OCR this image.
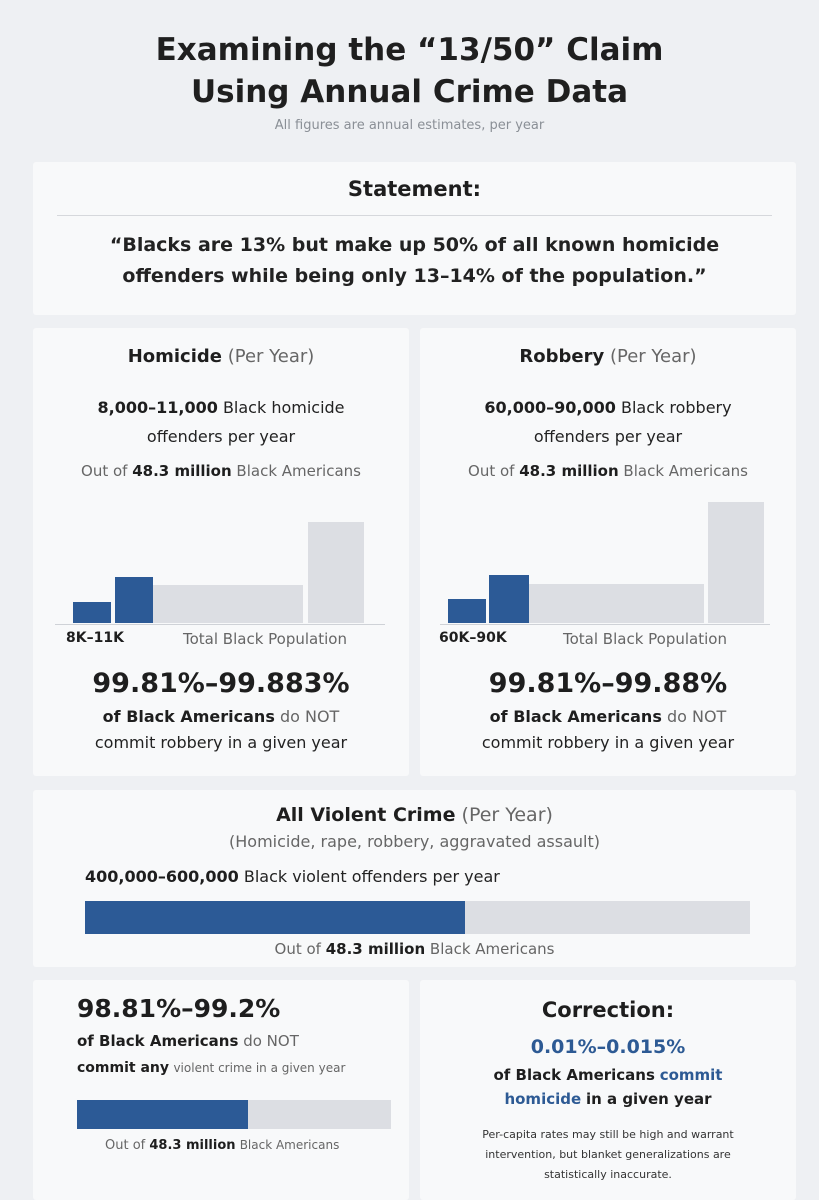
Examining the “13/50” Claim
Using Annual Crime Data
All figures are annual estimates, per year
Statement:
“Blacks are 13% but make up 50% of all known homicide
offenders while being only 13–14% of the population.”
Homicide (Per Year)
8,000–11,000 Black homicide
offenders per year
Out of 48.3 million Black Americans
8K–11K	Total Black Population
99.81%–99.883%
of Black Americans do NOT
commit robbery in a given year
Robbery (Per Year)
60,000–90,000 Black robbery
offenders per year
Out of 48.3 million Black Americans
60K–90K	Total Black Population
99.81%–99.88%
of Black Americans do NOT
commit robbery in a given year
All Violent Crime (Per Year)
(Homicide, rape, robbery, aggravated assault)
400,000–600,000 Black violent offenders per year
Out of 48.3 million Black Americans
98.81%–99.2%
of Black Americans do NOT
commit any violent crime in a given year
Out of 48.3 million Black Americans
Correction:
0.01%–0.015%
of Black Americans commit
homicide in a given year
Per-capita rates may still be high and warrant
intervention, but blanket generalizations are
statistically inaccurate.
